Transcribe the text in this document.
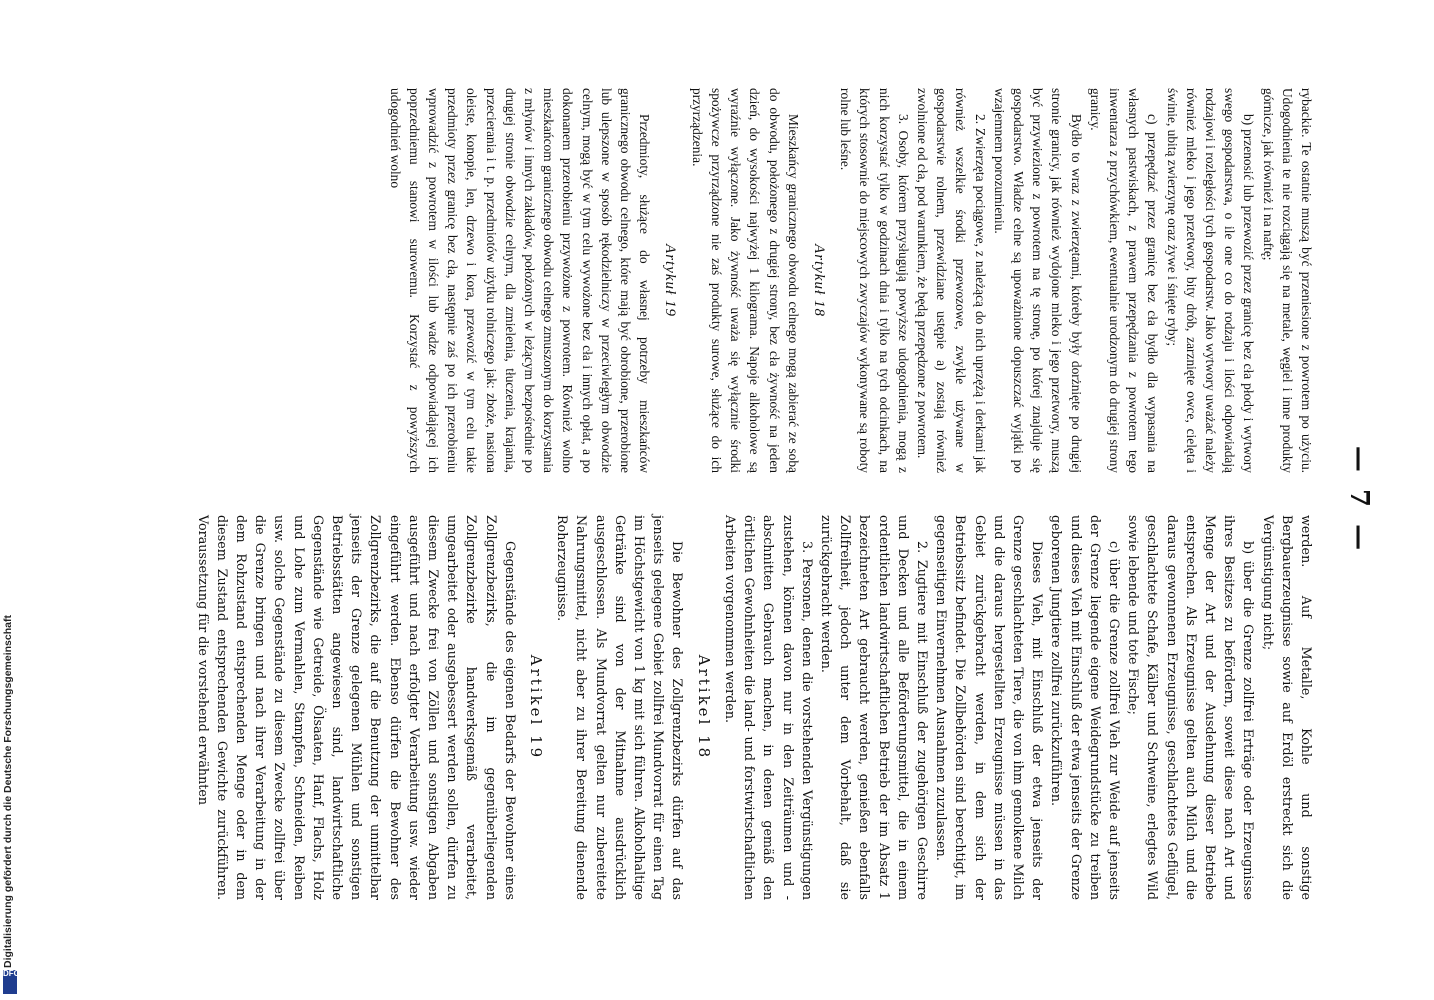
— 7 —

rybackie. Te ostatnie muszą być przeniesione z powrotem po użyciu. Udogodnienia te nie rozciągają się na metale, węgiel i inne produkty górnicze, jak również i na naftę;

b) przenosić lub przewozić przez granicę bez cła płody i wytwory swego gospodarstwa, o ile one co do rodzaju i ilości odpowiadają rodzajowi i rozległości tych gospodarstw. Jako wytwory uważać należy również mleko i jego przetwory, bity drób, zarznięte owce, cielęta i świnie, ubitą zwierzynę oraz żywe i śnięte ryby;

c) przepędzać przez granicę bez cła bydło dla wypasania na własnych pastwiskach, z prawem przepędzania z powrotem tego inwentarza z przychówkiem, ewentualnie urodzonym do drugiej strony granicy.

Bydło to wraz z zwierzętami, któreby były dorżnięte po drugiej stronie granicy, jak również wydojone mleko i jego przetwory, muszą być przywiezione z powrotem na tę stronę, po której znajduje się gospodarstwo. Władze celne są upoważnione dopuszczać wyjątki po wzajemnem porozumieniu.

2. Zwierzęta pociągowe, z należącą do nich uprzężą i derkami jak również wszelkie środki przewozowe, zwykle używane w gospodarstwie rolnem, przewidziane ustępie a) zostają również zwolnione od cła, pod warunkiem, że będą przepędzone z powrotem.

3. Osoby, którem przysługują powyższe udogodnienia, mogą z nich korzystać tylko w godzinach dnia i tylko na tych odcinkach, na których stosownie do miejscowych zwyczajów wykonywane są roboty rolne lub leśne.

Artykuł 18

Mieszkańcy granicznego obwodu celnego mogą zabierać ze sobą do obwodu, położonego z drugiej strony, bez cła żywność na jeden dzień, do wysokości najwyżej 1 kilograma. Napoje alkoholowe są wyraźnie wyłączone. Jako żywność uważa się wyłącznie środki spożywcze przyrządzone nie zaś produkty surowe, służące do ich przyrządzenia.

Artykuł 19

Przedmioty, służące do własnej potrzeby mieszkańców granicznego obwodu celnego, które mają być obrobione, przerobione lub ulepszone w sposób rękodzielniczy w przeciwległym obwodzie celnym, mogą być w tym celu wywożone bez cła i innych opłat, a po dokonanem przerobieniu przywożone z powrotem. Również wolno mieszkańcom granicznego obwodu celnego zmuszonym do korzystania z młynów i innych zakładów, położonych w leżącym bezpośrednie po drugiej stronie obwodzie celnym, dla zmielenia, tłuczenia, krajania, przecierania i t. p. przedmiotów użytku rolniczego jak: zboże, nasiona oleiste, konopie, len, drzewo i kora, przewozić w tym celu takie przedmioty przez granicę bez cła, następnie zaś po ich przerobieniu wprowadzić z powrotem w ilości lub wadze odpowiadającej ich poprzedniemu stanowi surowemu. Korzystać z powyższych udogodnień wolno

werden. Auf Metalle, Kohle und sonstige Bergbauerzeugnisse sowie auf Erdöl erstreckt sich die Vergünstigung nicht;

b) über die Grenze zollfrei Erträge oder Erzeugnisse ihres Besitzes zu befördern, soweit diese nach Art und Menge der Art und der Ausdehnung dieser Betriebe entsprechen. Als Erzeugnisse gelten auch Milch und die daraus gewonnenen Erzeugnisse, geschlachtetes Geflügel, geschlachtete Schafe, Kälber und Schweine, erlegtes Wild sowie lebende und tote Fische;

c) über die Grenze zollfrei Vieh zur Weide auf jenseits der Grenze liegende eigene Weidegrundstücke zu treiben und dieses Vieh mit Einschluß der etwa jenseits der Grenze geborenen Jungtiere zollfrei zurückzuführen.

Dieses Vieh, mit Einschluß der etwa jenseits der Grenze geschlachteten Tiere, die von ihm gemolkene Milch und die daraus hergestellten Erzeugnisse müssen in das Gebiet zurückgebracht werden, in dem sich der Betriebssitz befindet. Die Zollbehörden sind berechtigt, im gegenseitigen Einvernehmen Ausnahmen zuzulassen.

2. Zugtiere mit Einschluß der zugehörigen Geschirre und Decken und alle Beförderungsmittel, die in einem ordentlichen landwirtschaftlichen Betrieb der im Absatz 1 bezeichneten Art gebraucht werden, genießen ebenfalls Zollfreiheit, jedoch unter dem Vorbehalt, daß sie zurückgebracht werden.

3. Personen, denen die vorstehenden Vergünstigungen zustehen, können davon nur in den Zeiträumen und -abschnitten Gebrauch machen, in denen gemäß den örtlichen Gewohnheiten die land- und forstwirtschaftlichen Arbeiten vorgenommen werden.

Artikel 18

Die Bewohner des Zollgrenzbezirks dürfen auf das jenseits gelegene Gebiet zollfrei Mundvorrat für einen Tag im Höchstgewicht von 1 kg mit sich führen. Alkoholhaltige Getränke sind von der Mitnahme ausdrücklich ausgeschlossen. Als Mundvorrat gelten nur zubereitete Nahrungsmittel, nicht aber zu ihrer Bereitung dienende Roherzeugnisse.

Artikel 19

Gegenstände des eigenen Bedarfs der Bewohner eines Zollgrenzbezirks, die im gegenüberliegenden Zollgrenzbezirke handwerksgemäß verarbeitet, umgearbeitet oder ausgebessert werden sollen, dürfen zu diesem Zwecke frei von Zöllen und sonstigen Abgaben ausgeführt und nach erfolgter Verarbeitung usw. wieder eingeführt werden. Ebenso dürfen die Bewohner des Zollgrenzbezirks, die auf die Benutzung der unmittelbar jenseits der Grenze gelegenen Mühlen und sonstigen Betriebsstätten angewiesen sind, landwirtschaftliche Gegenstände wie Getreide, Ölsaaten, Hanf, Flachs, Holz und Lohe zum Vermahlen, Stampfen, Schneiden, Reiben usw. solche Gegenstände zu diesem Zwecke zollfrei über die Grenze bringen und nach ihrer Verarbeitung in der dem Rohzustand entsprechenden Menge oder in dem diesem Zustand entsprechenden Gewichte zurückführen. Voraussetzung für die vorstehend erwähnten

Digitalisierung gefördert durch die Deutsche Forschungsgemeinschaft
DFG
